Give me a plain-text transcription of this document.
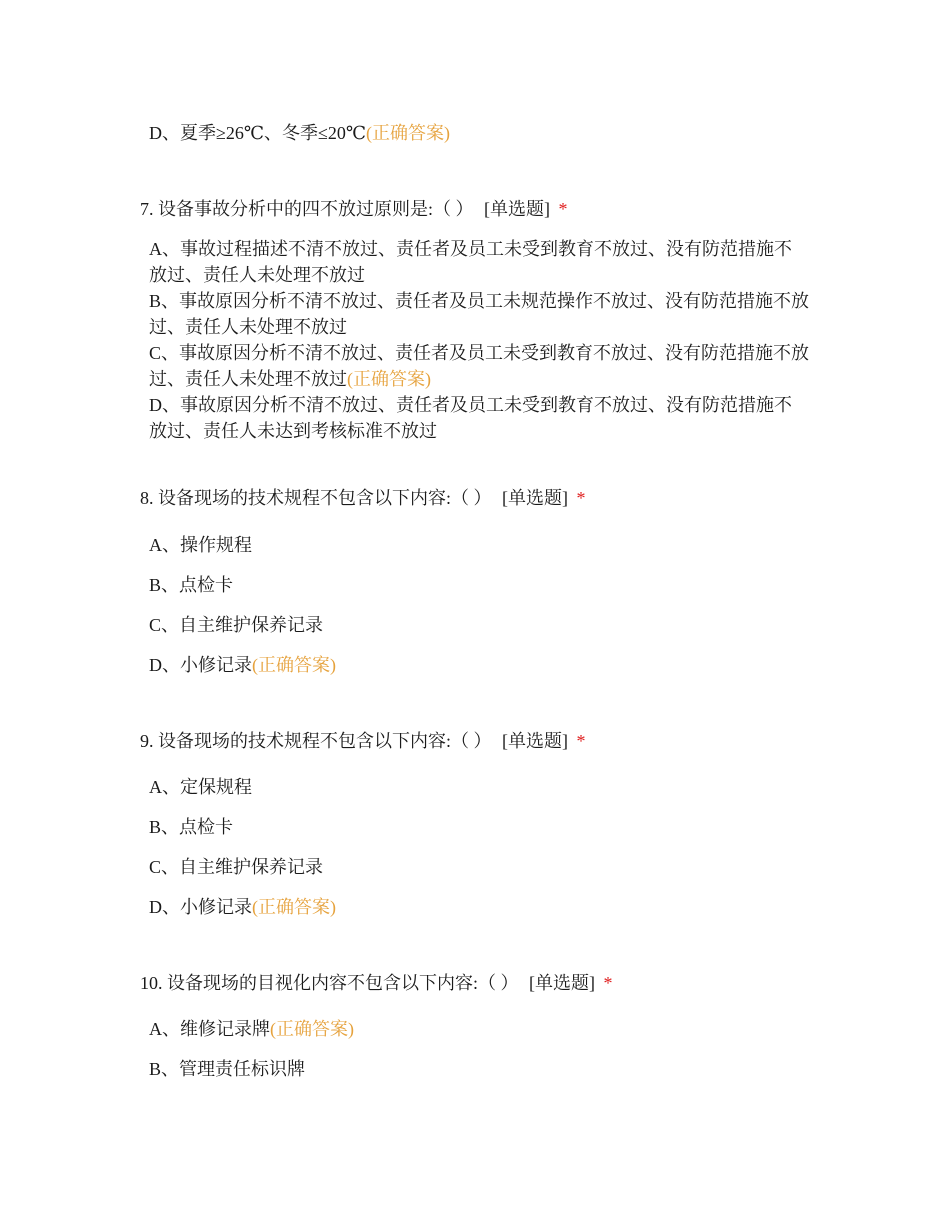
D、夏季≥26℃、冬季≤20℃(正确答案)
7. 设备事故分析中的四不放过原则是:（ ） [单选题] *
A、事故过程描述不清不放过、责任者及员工未受到教育不放过、没有防范措施不放过、责任人未处理不放过
B、事故原因分析不清不放过、责任者及员工未规范操作不放过、没有防范措施不放过、责任人未处理不放过
C、事故原因分析不清不放过、责任者及员工未受到教育不放过、没有防范措施不放过、责任人未处理不放过(正确答案)
D、事故原因分析不清不放过、责任者及员工未受到教育不放过、没有防范措施不放过、责任人未达到考核标准不放过
8. 设备现场的技术规程不包含以下内容:（ ） [单选题] *
A、操作规程
B、点检卡
C、自主维护保养记录
D、小修记录(正确答案)
9. 设备现场的技术规程不包含以下内容:（ ） [单选题] *
A、定保规程
B、点检卡
C、自主维护保养记录
D、小修记录(正确答案)
10. 设备现场的目视化内容不包含以下内容:（ ） [单选题] *
A、维修记录牌(正确答案)
B、管理责任标识牌
